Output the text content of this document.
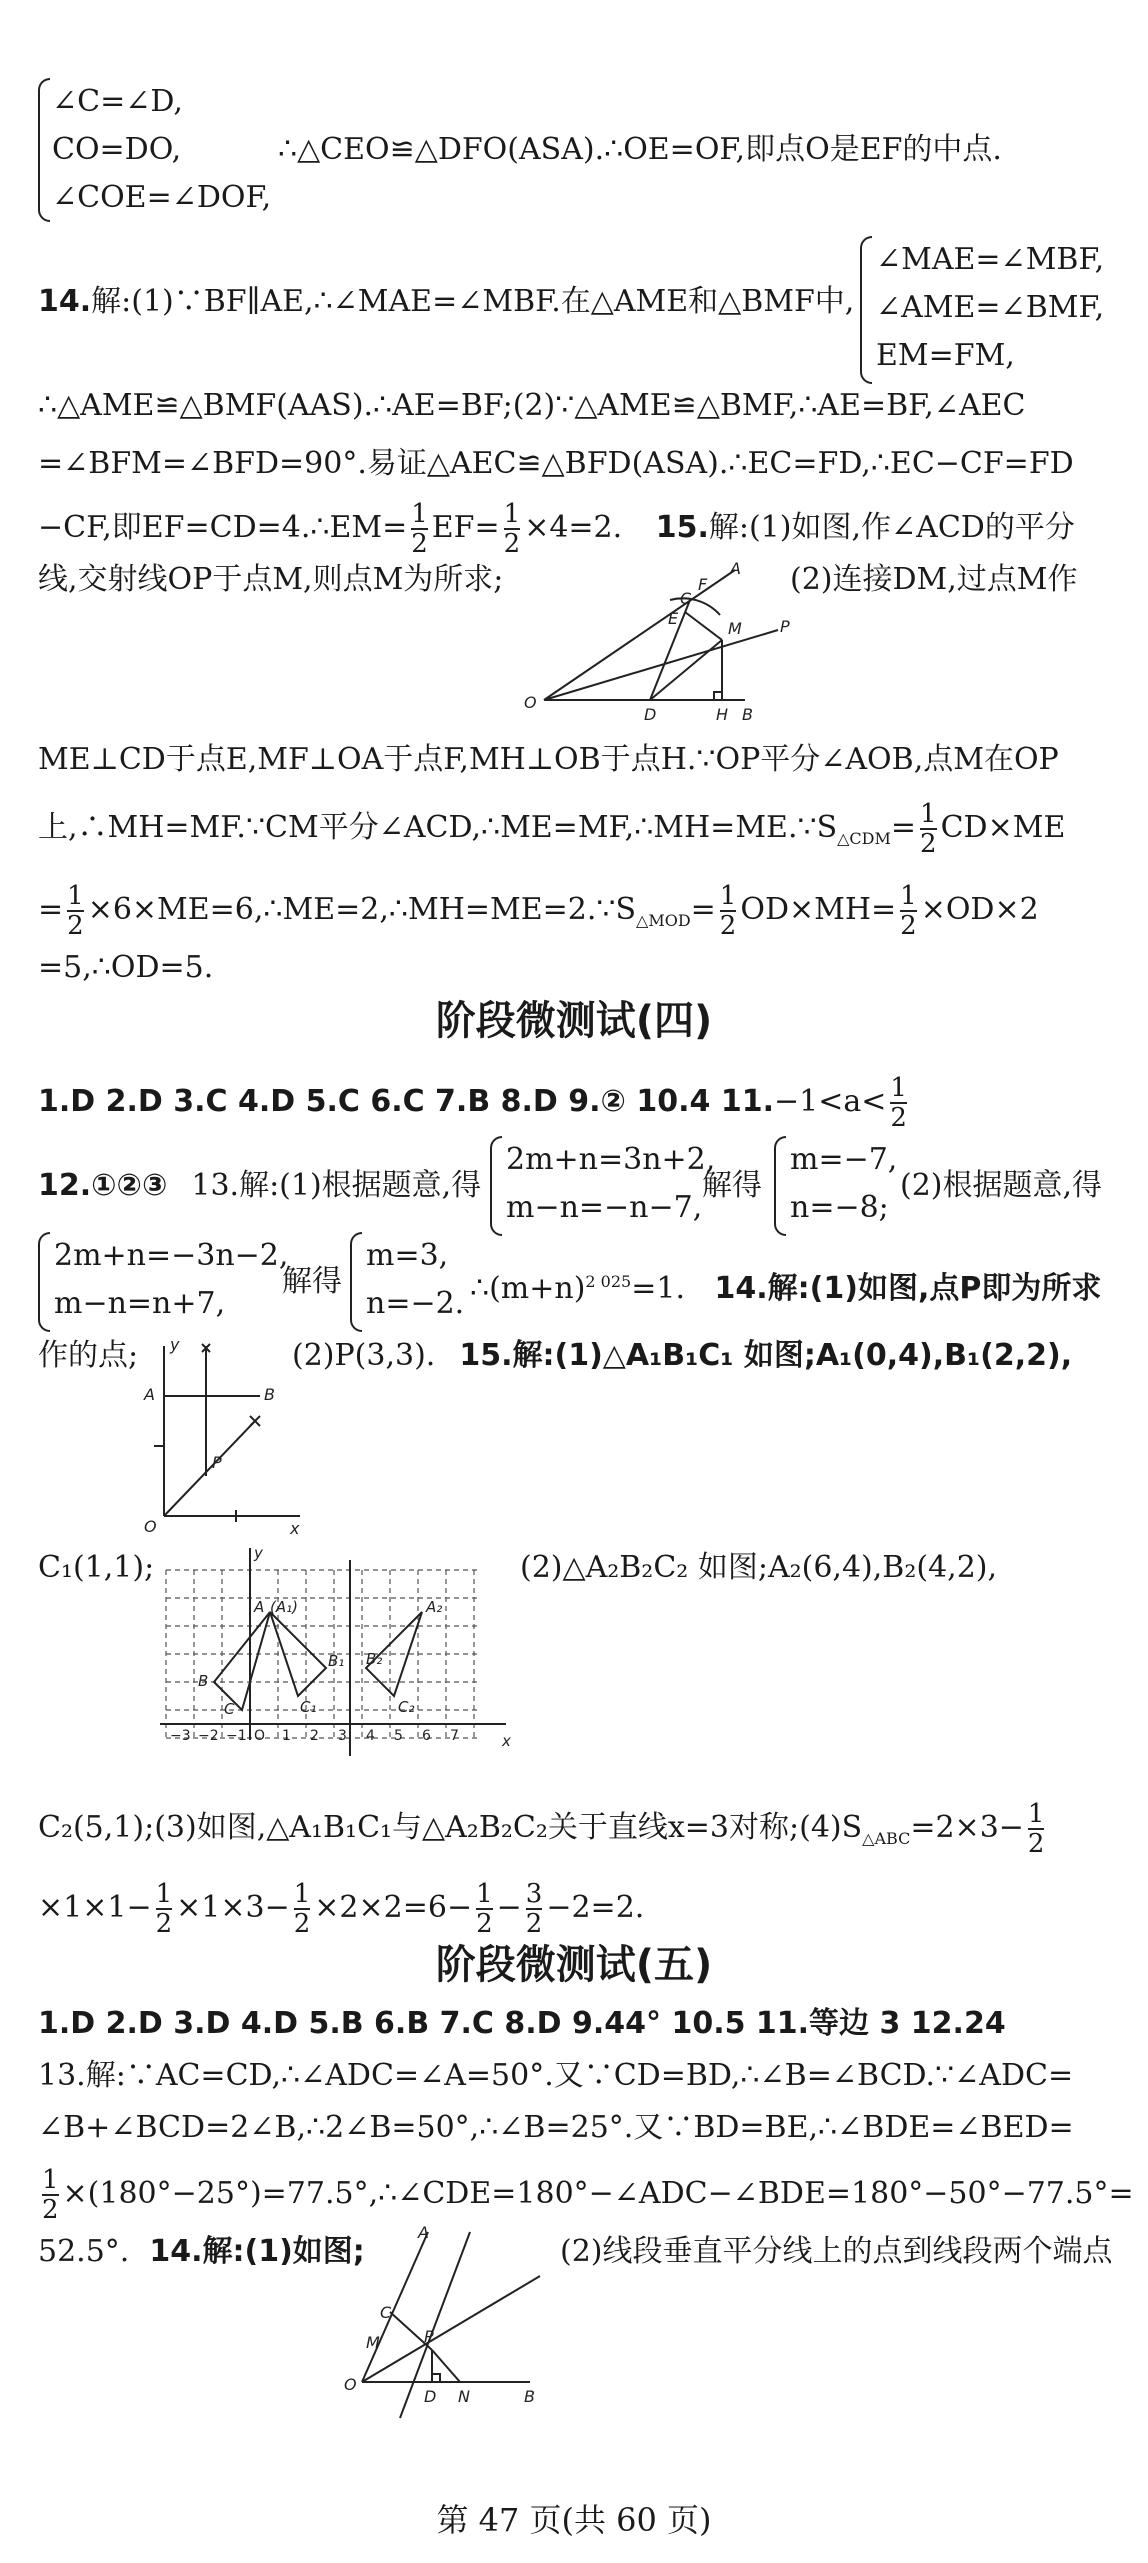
∠C=∠D,
CO=DO,
∠COE=∠DOF,
∴△CEO≌△DFO(ASA).∴OE=OF,即点O是EF的中点.
14.解:(1)∵BF∥AE,∴∠MAE=∠MBF.在△AME和△BMF中,
∠MAE=∠MBF,
∠AME=∠BMF,
EM=FM,
∴△AME≌△BMF(AAS).∴AE=BF;(2)∵△AME≌△BMF,∴AE=BF,∠AEC
=∠BFM=∠BFD=90°.易证△AEC≌△BFD(ASA).∴EC=FD,∴EC−CF=FD
−CF,即EF=CD=4.∴EM= $\frac{1}{2} EF= \frac{1}{2} \times 4=2$. 15.解:(1)如图,作∠ACD的平分
线,交射线OP于点M,则点M为所求;	(2)连接DM,过点M作
A
F
C
E
M P
O
D	H B
ME⊥CD于点E,MF⊥OA于点F,MH⊥OB于点H.∵OP平分∠AOB,点M在OP
上,∴MH=MF.∵CM平分$\angle ACD,\therefore ME=MF,\therefore MH=ME.\because S_{\triangle CDM}= \frac{1}{2} CD\times ME$
= $\frac{1}{2}$ $\times 6\times ME=6,\therefore ME=2,\therefore MH=ME=2.\because S_{\triangle MOD}= \frac{1}{2} OD\times MH= \frac{1}{2} \times OD\times 2$
=5,∴OD=5.
阶段微测试(四)
1.D 2.D 3.C 4.D 5.C 6.C 7.B 8.D 9.② 10.4 $11.-1<a< \frac{1}{2}$
12.①②③ 13.解:(1)根据题意,得
2m+n=3n+2,
m−n=−n−7,
解得
m=−7,
n=−8;
(2)根据题意,得
2m+n=−3n−2,
m−n=n+7,
解得
m=3,
n=−2. $\therefore(m+n)^{2 025}=1$. 14.解:(1)如图,点P即为所求
作的点;	(2)P(3,3). 15.解:(1)△A₁B₁C₁ 如图;A₁(0,4),B₁(2,2),
y
A	B
P
O	x
C₁(1,1);	(2)△A₂B₂C₂ 如图;A₂(6,4),B₂(4,2),
y
A (A₁)	A₂
B
B₁ B₂
C	C₁	C₂
x
−3 −2 −1 O 1 2 3 4 5 6 7
C₂(5,1);(3)如图,△A₁B₁C₁与△A₂B₂C₂关于直线x=3对称$;(4)S_{\triangle ABC}=2\times 3- \frac{1}{2}$
$\times 1\times 1- \frac{1}{2} \times 1\times 3- \frac{1}{2} \times 2\times 2=6- \frac{1}{2} - \frac{3}{2} -2=2$.
阶段微测试(五)
1.D 2.D 3.D 4.D 5.B 6.B 7.C 8.D 9.44° 10.5 11.等边 3 12.24
13.解:∵AC=CD,∴∠ADC=∠A=50°.又∵CD=BD,∴∠B=∠BCD.∵∠ADC=
∠B+∠BCD=2∠B,∴2∠B=50°,∴∠B=25°.又∵BD=BE,∴∠BDE=∠BED=
$\frac{1}{2}$ ×(180°−25°)=77.5°,∴∠CDE=180°−∠ADC−∠BDE=180°−50°−77.5°=
52.5°. 14.解:(1)如图;	(2)线段垂直平分线上的点到线段两个端点
A
C
M	P
O
D N	B
第 47 页(共 60 页)
